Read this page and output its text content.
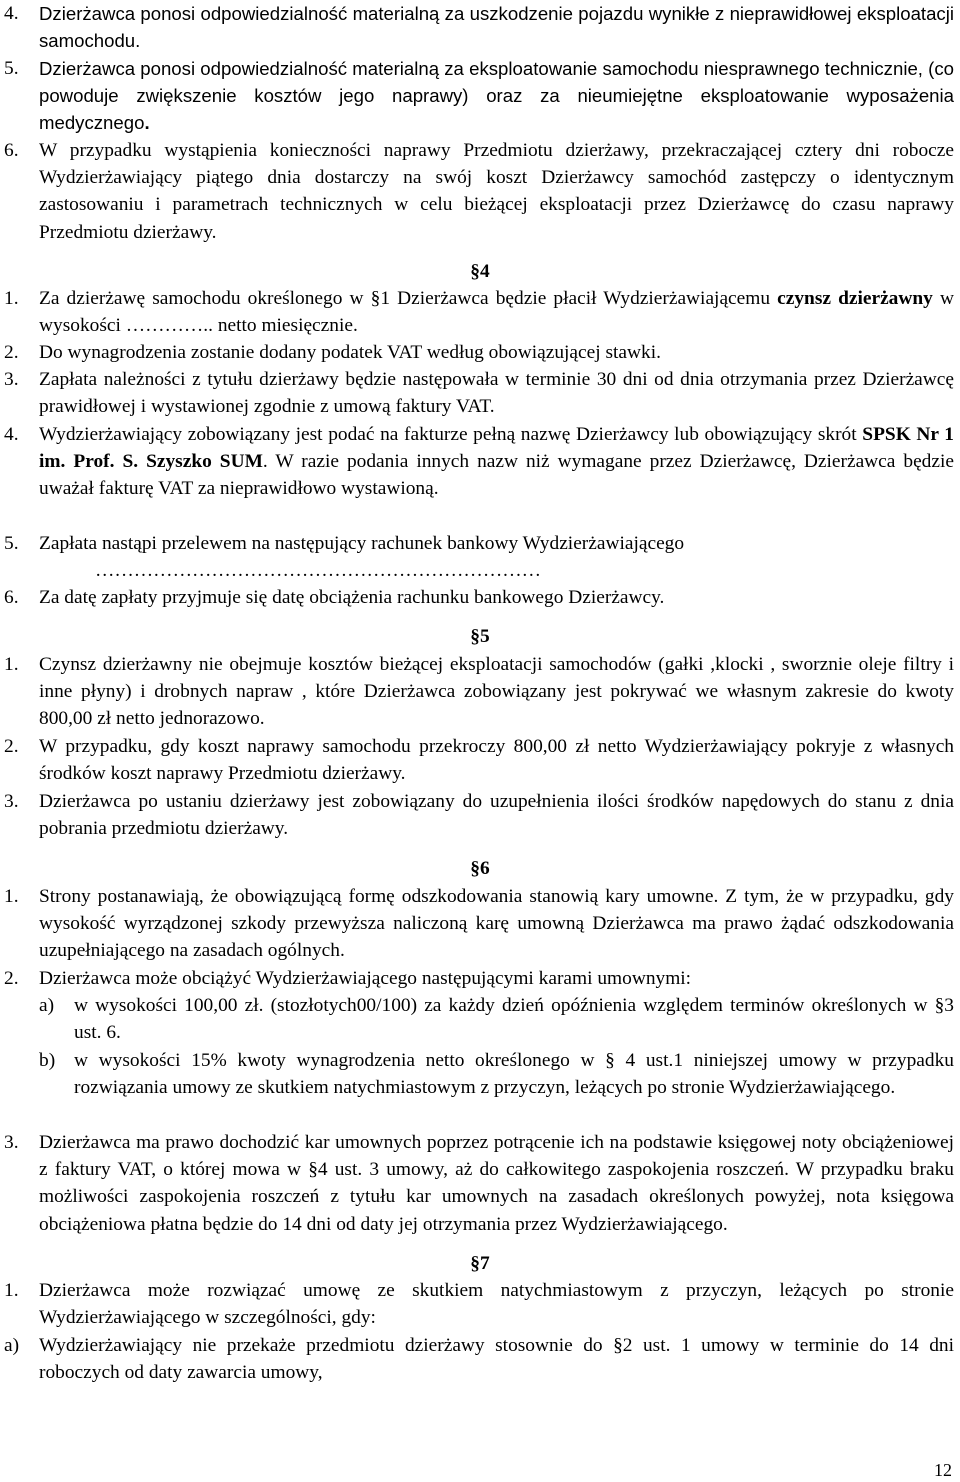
4.	Dzierżawca ponosi odpowiedzialność materialną za uszkodzenie pojazdu wynikłe z nieprawidłowej eksploatacji samochodu.
5.	Dzierżawca ponosi odpowiedzialność materialną za eksploatowanie samochodu niesprawnego technicznie, (co powoduje zwiększenie kosztów jego naprawy) oraz za nieumiejętne eksploatowanie wyposażenia medycznego.
6.	W przypadku wystąpienia konieczności naprawy Przedmiotu dzierżawy, przekraczającej cztery dni robocze Wydzierżawiający piątego dnia dostarczy na swój koszt Dzierżawcy samochód zastępczy o identycznym zastosowaniu i parametrach technicznych w celu bieżącej eksploatacji przez Dzierżawcę do czasu naprawy Przedmiotu dzierżawy.
§4
1.	Za dzierżawę samochodu określonego w §1 Dzierżawca będzie płacił Wydzierżawiającemu czynsz dzierżawny w wysokości ………….. netto miesięcznie.
2.	Do wynagrodzenia zostanie dodany podatek VAT według obowiązującej stawki.
3.	Zapłata należności z tytułu dzierżawy będzie następowała w terminie 30 dni od dnia otrzymania przez Dzierżawcę prawidłowej i wystawionej zgodnie z umową faktury VAT.
4.	Wydzierżawiający zobowiązany jest podać na fakturze pełną nazwę Dzierżawcy lub obowiązujący skrót SPSK Nr 1 im. Prof. S. Szyszko SUM. W razie podania innych nazw niż wymagane przez Dzierżawcę, Dzierżawca będzie uważał fakturę VAT za nieprawidłowo wystawioną.
5.	Zapłata nastąpi przelewem na następujący rachunek bankowy Wydzierżawiającego
……………………………………………………………
6.	Za datę zapłaty przyjmuje się datę obciążenia rachunku bankowego Dzierżawcy.
§5
1.	Czynsz dzierżawny nie obejmuje kosztów bieżącej eksploatacji samochodów (gałki ,klocki , sworznie oleje filtry i inne płyny) i drobnych napraw , które Dzierżawca zobowiązany jest pokrywać we własnym zakresie do kwoty 800,00 zł netto jednorazowo.
2.	W przypadku, gdy koszt naprawy samochodu przekroczy 800,00 zł netto Wydzierżawiający pokryje z własnych środków koszt naprawy Przedmiotu dzierżawy.
3.	Dzierżawca po ustaniu dzierżawy jest zobowiązany do uzupełnienia ilości środków napędowych do stanu z dnia pobrania przedmiotu dzierżawy.
§6
1.	Strony postanawiają, że obowiązującą formę odszkodowania stanowią kary umowne. Z tym, że w przypadku, gdy wysokość wyrządzonej szkody przewyższa naliczoną karę umowną Dzierżawca ma prawo żądać odszkodowania uzupełniającego na zasadach ogólnych.
2.	Dzierżawca może obciążyć Wydzierżawiającego następującymi karami umownymi:
a)	w wysokości 100,00 zł. (stozłotych00/100) za każdy dzień opóźnienia względem terminów określonych w §3 ust. 6.
b) w wysokości 15% kwoty wynagrodzenia netto określonego w § 4 ust.1 niniejszej umowy w przypadku rozwiązania umowy ze skutkiem natychmiastowym z przyczyn, leżących po stronie Wydzierżawiającego.
3.	Dzierżawca ma prawo dochodzić kar umownych poprzez potrącenie ich na podstawie księgowej noty obciążeniowej z faktury VAT, o której mowa w §4 ust. 3 umowy, aż do całkowitego zaspokojenia roszczeń. W przypadku braku możliwości zaspokojenia roszczeń z tytułu kar umownych na zasadach określonych powyżej, nota księgowa obciążeniowa płatna będzie do 14 dni od daty jej otrzymania przez Wydzierżawiającego.
§7
1.	Dzierżawca może rozwiązać umowę ze skutkiem natychmiastowym z przyczyn, leżących po stronie Wydzierżawiającego w szczególności, gdy:
a)	Wydzierżawiający nie przekaże przedmiotu dzierżawy stosownie do §2 ust. 1 umowy w terminie do 14 dni roboczych od daty zawarcia umowy,
12
